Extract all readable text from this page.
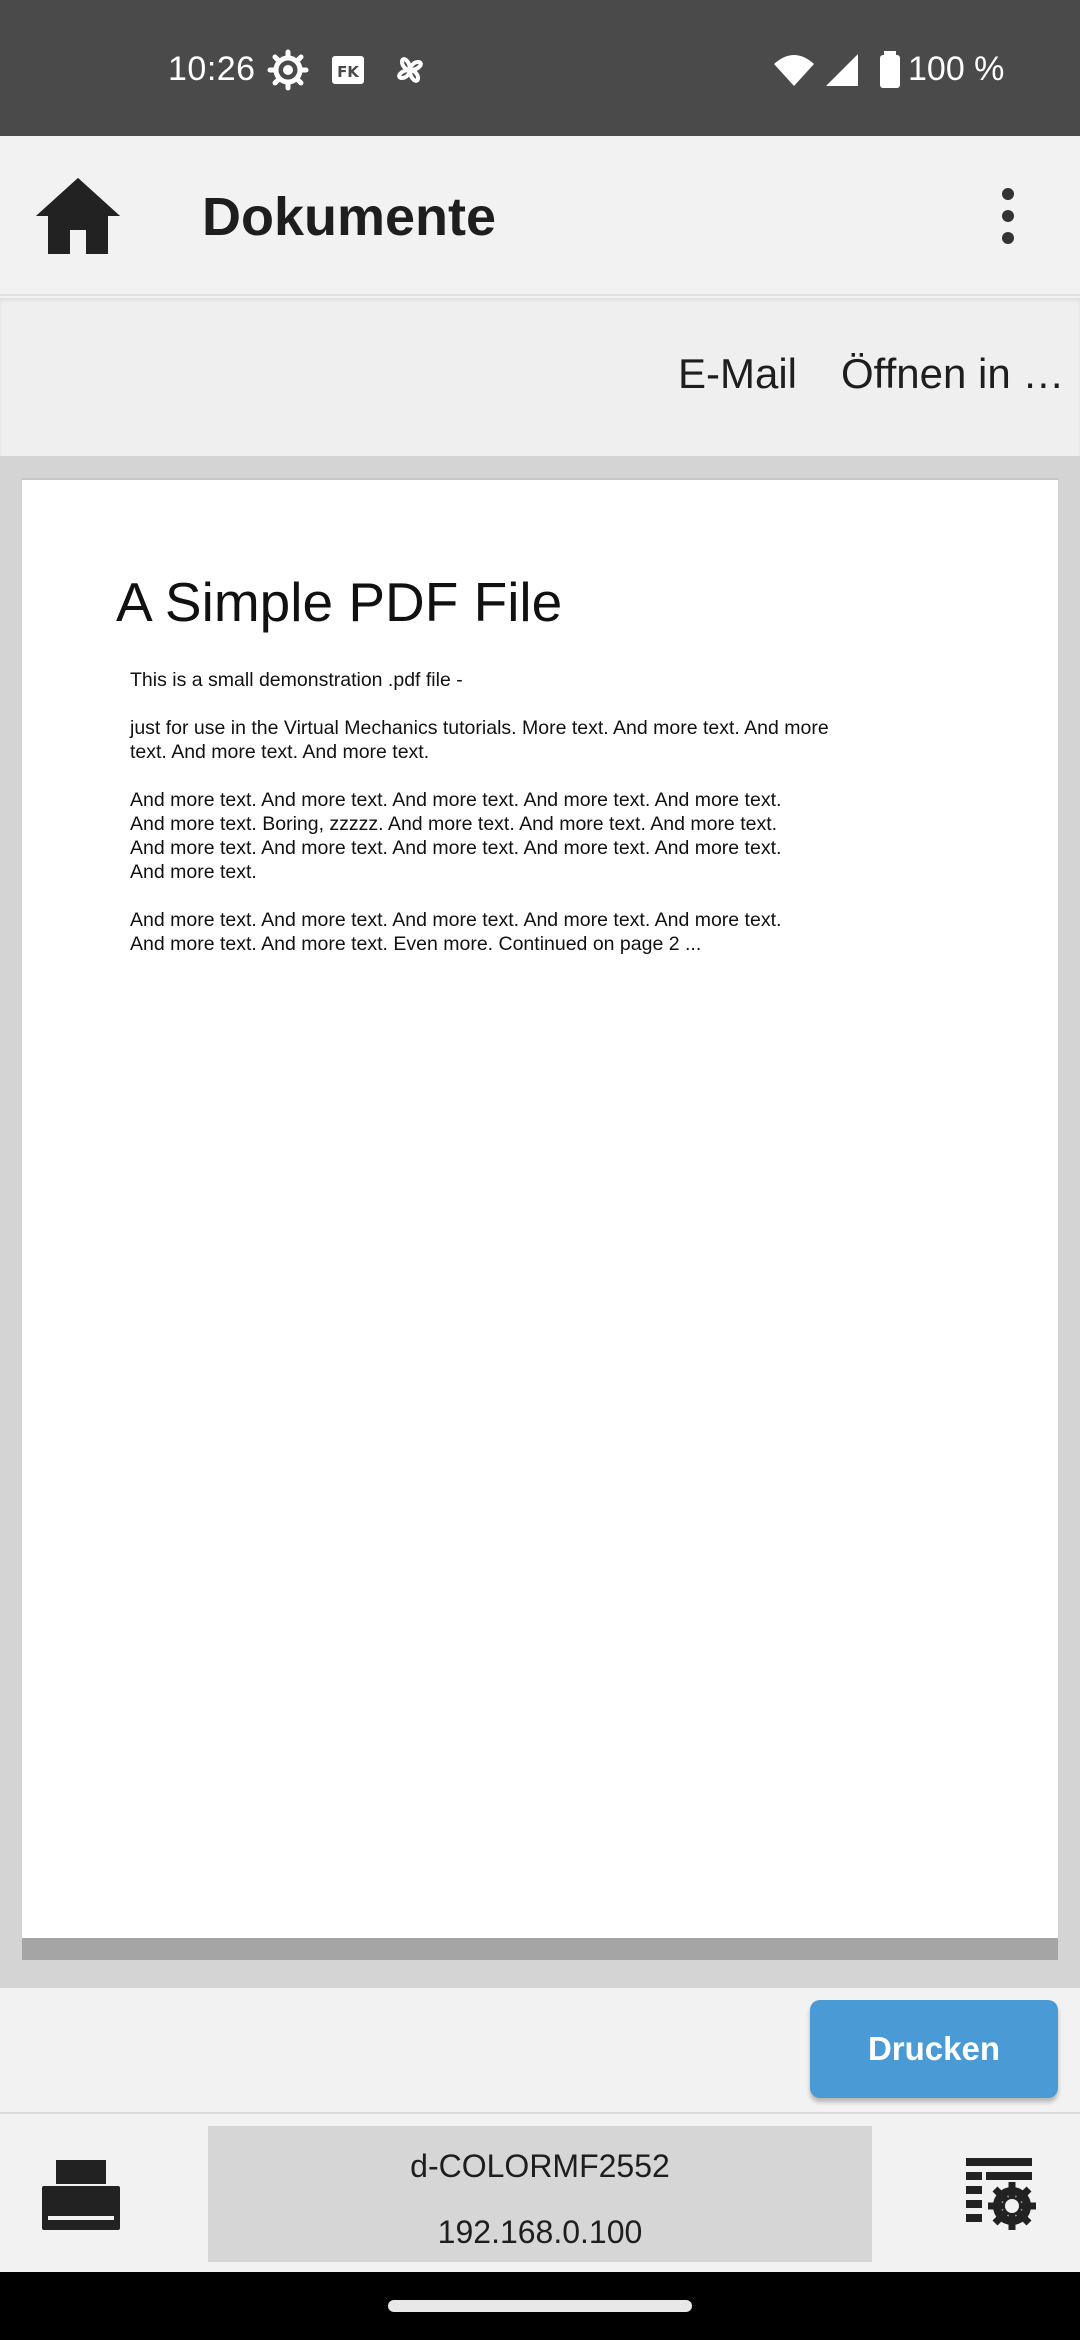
10:26	FK	100 %
Dokumente
E-Mail Öffnen in …
A Simple PDF File
This is a small demonstration .pdf file -
just for use in the Virtual Mechanics tutorials. More text. And more text. And more text. And more text. And more text.
And more text. And more text. And more text. And more text. And more text. And more text. Boring, zzzzz. And more text. And more text. And more text. And more text. And more text. And more text. And more text. And more text. And more text.
And more text. And more text. And more text. And more text. And more text. And more text. And more text. Even more. Continued on page 2 ...
Drucken
d-COLORMF2552
192.168.0.100
